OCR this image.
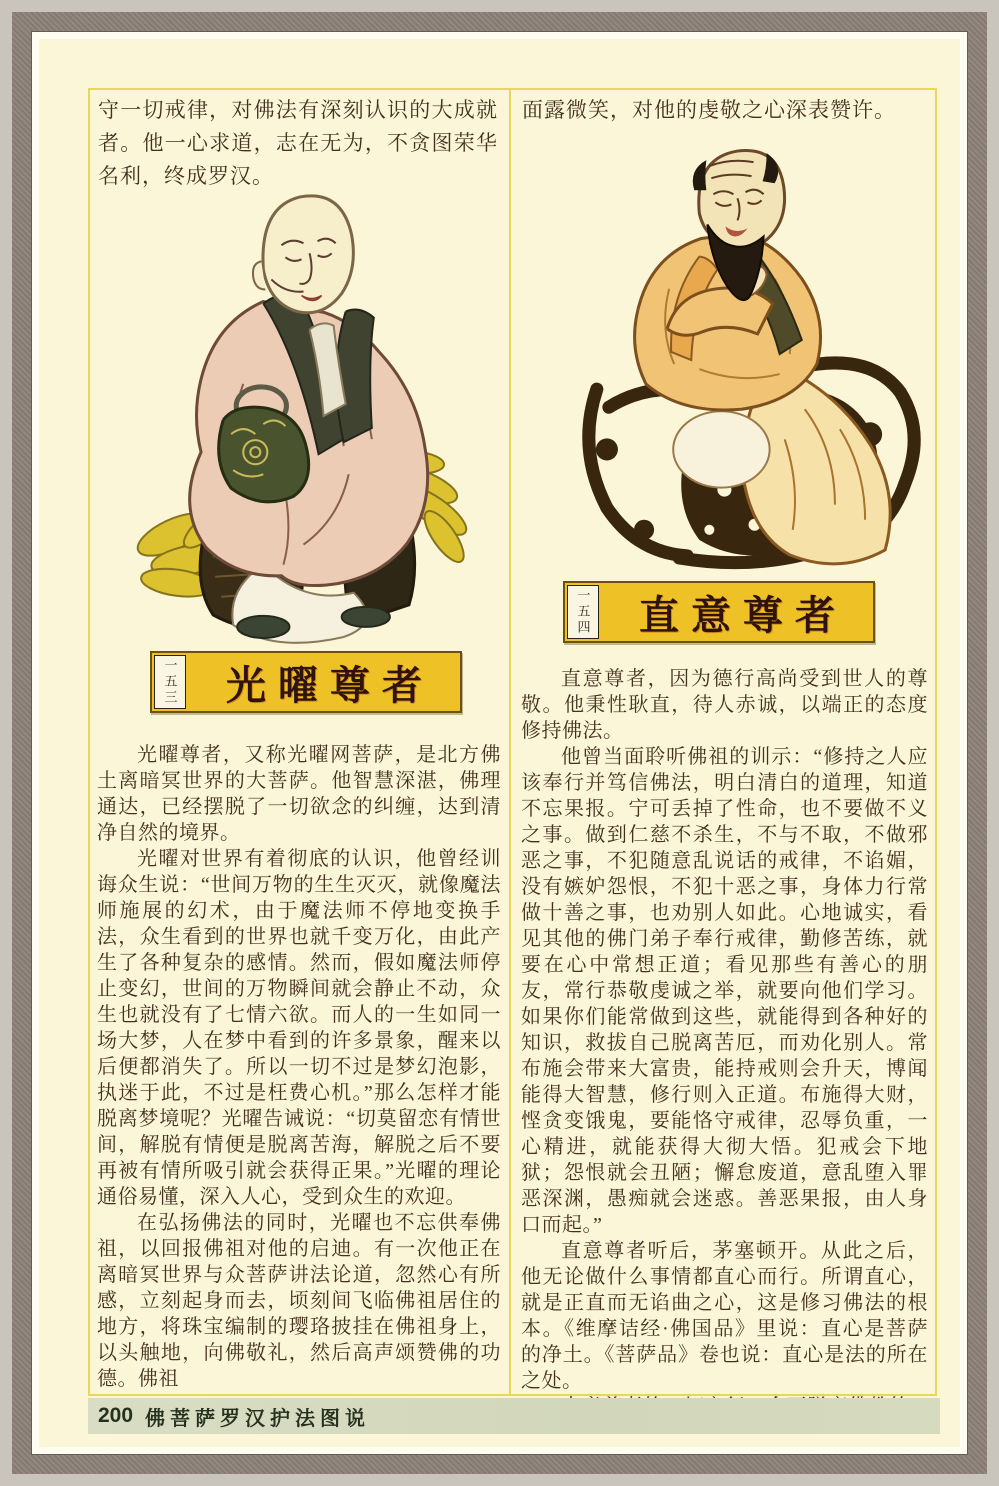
守一切戒律，对佛法有深刻认识的大成就者。他一心求道，志在无为，不贪图荣华名利，终成罗汉。
一五三	光曜尊者

光曜尊者，又称光曜网菩萨，是北方佛土离暗冥世界的大菩萨。他智慧深湛，佛理通达，已经摆脱了一切欲念的纠缠，达到清净自然的境界。

光曜对世界有着彻底的认识，他曾经训诲众生说：“世间万物的生生灭灭，就像魔法师施展的幻术，由于魔法师不停地变换手法，众生看到的世界也就千变万化，由此产生了各种复杂的感情。然而，假如魔法师停止变幻，世间的万物瞬间就会静止不动，众生也就没有了七情六欲。而人的一生如同一场大梦，人在梦中看到的许多景象，醒来以后便都消失了。所以一切不过是梦幻泡影，执迷于此，不过是枉费心机。”那么怎样才能脱离梦境呢？光曜告诫说：“切莫留恋有情世间，解脱有情便是脱离苦海，解脱之后不要再被有情所吸引就会获得正果。”光曜的理论通俗易懂，深入人心，受到众生的欢迎。

在弘扬佛法的同时，光曜也不忘供奉佛祖，以回报佛祖对他的启迪。有一次他正在离暗冥世界与众菩萨讲法论道，忽然心有所感，立刻起身而去，顷刻间飞临佛祖居住的地方，将珠宝编制的璎珞披挂在佛祖身上，以头触地，向佛敬礼，然后高声颂赞佛的功德。佛祖

面露微笑，对他的虔敬之心深表赞许。
一五四	直意尊者

直意尊者，因为德行高尚受到世人的尊敬。他秉性耿直，待人赤诚，以端正的态度修持佛法。

他曾当面聆听佛祖的训示：“修持之人应该奉行并笃信佛法，明白清白的道理，知道不忘果报。宁可丢掉了性命，也不要做不义之事。做到仁慈不杀生，不与不取，不做邪恶之事，不犯随意乱说话的戒律，不谄媚，没有嫉妒怨恨，不犯十恶之事，身体力行常做十善之事，也劝别人如此。心地诚实，看见其他的佛门弟子奉行戒律，勤修苦练，就要在心中常想正道；看见那些有善心的朋友，常行恭敬虔诚之举，就要向他们学习。如果你们能常做到这些，就能得到各种好的知识，救拔自己脱离苦厄，而劝化别人。常布施会带来大富贵，能持戒则会升天，博闻能得大智慧，修行则入正道。布施得大财，悭贪变饿鬼，要能恪守戒律，忍辱负重，一心精进，就能获得大彻大悟。犯戒会下地狱；怨恨就会丑陋；懈怠废道，意乱堕入罪恶深渊，愚痴就会迷惑。善恶果报，由人身口而起。”

直意尊者听后，茅塞顿开。从此之后，他无论做什么事情都直心而行。所谓直心，就是正直而无谄曲之心，这是修习佛法的根本。《维摩诘经·佛国品》里说：直心是菩萨的净土。《菩萨品》卷也说：直心是法的所在之处。

200 佛菩萨罗汉护法图说
